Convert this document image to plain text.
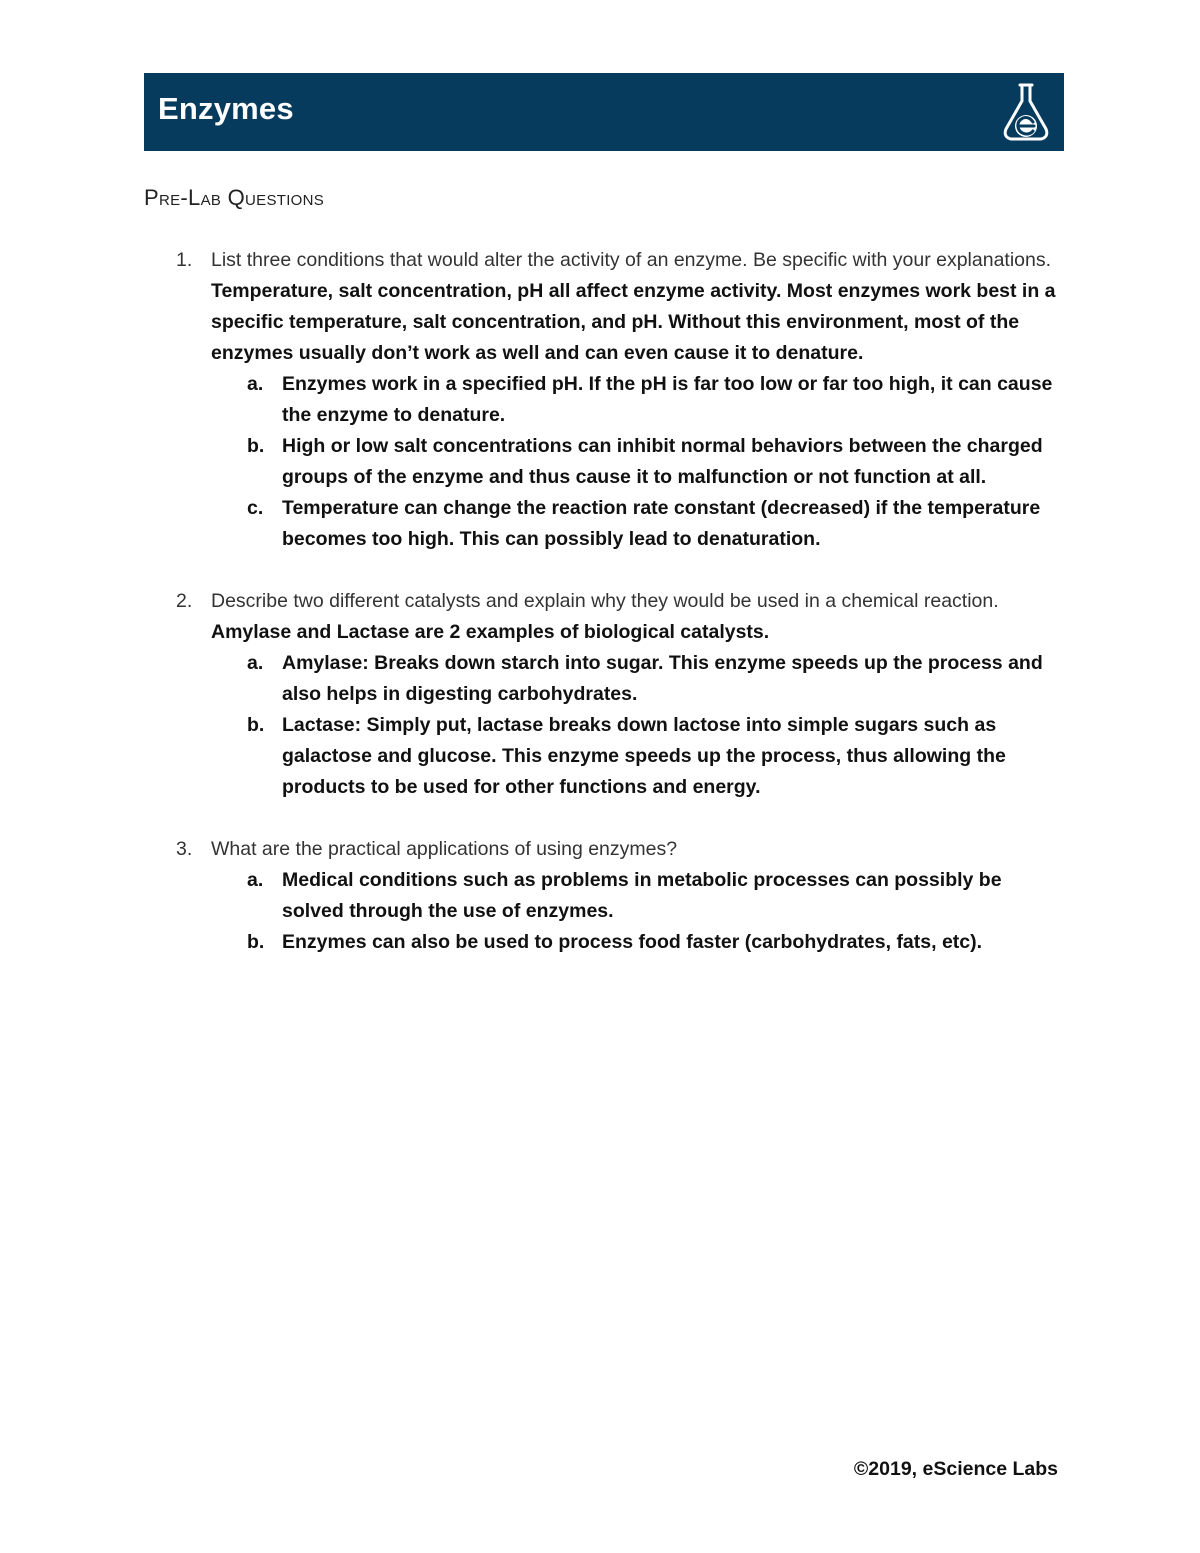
Enzymes
Pre-Lab Questions
1. List three conditions that would alter the activity of an enzyme. Be specific with your explanations. Temperature, salt concentration, pH all affect enzyme activity. Most enzymes work best in a specific temperature, salt concentration, and pH. Without this environment, most of the enzymes usually don’t work as well and can even cause it to denature.
a. Enzymes work in a specified pH. If the pH is far too low or far too high, it can cause the enzyme to denature.
b. High or low salt concentrations can inhibit normal behaviors between the charged groups of the enzyme and thus cause it to malfunction or not function at all.
c. Temperature can change the reaction rate constant (decreased) if the temperature becomes too high. This can possibly lead to denaturation.
2. Describe two different catalysts and explain why they would be used in a chemical reaction. Amylase and Lactase are 2 examples of biological catalysts.
a. Amylase: Breaks down starch into sugar. This enzyme speeds up the process and also helps in digesting carbohydrates.
b. Lactase: Simply put, lactase breaks down lactose into simple sugars such as galactose and glucose. This enzyme speeds up the process, thus allowing the products to be used for other functions and energy.
3. What are the practical applications of using enzymes?
a. Medical conditions such as problems in metabolic processes can possibly be solved through the use of enzymes.
b. Enzymes can also be used to process food faster (carbohydrates, fats, etc).
©2019, eScience Labs
